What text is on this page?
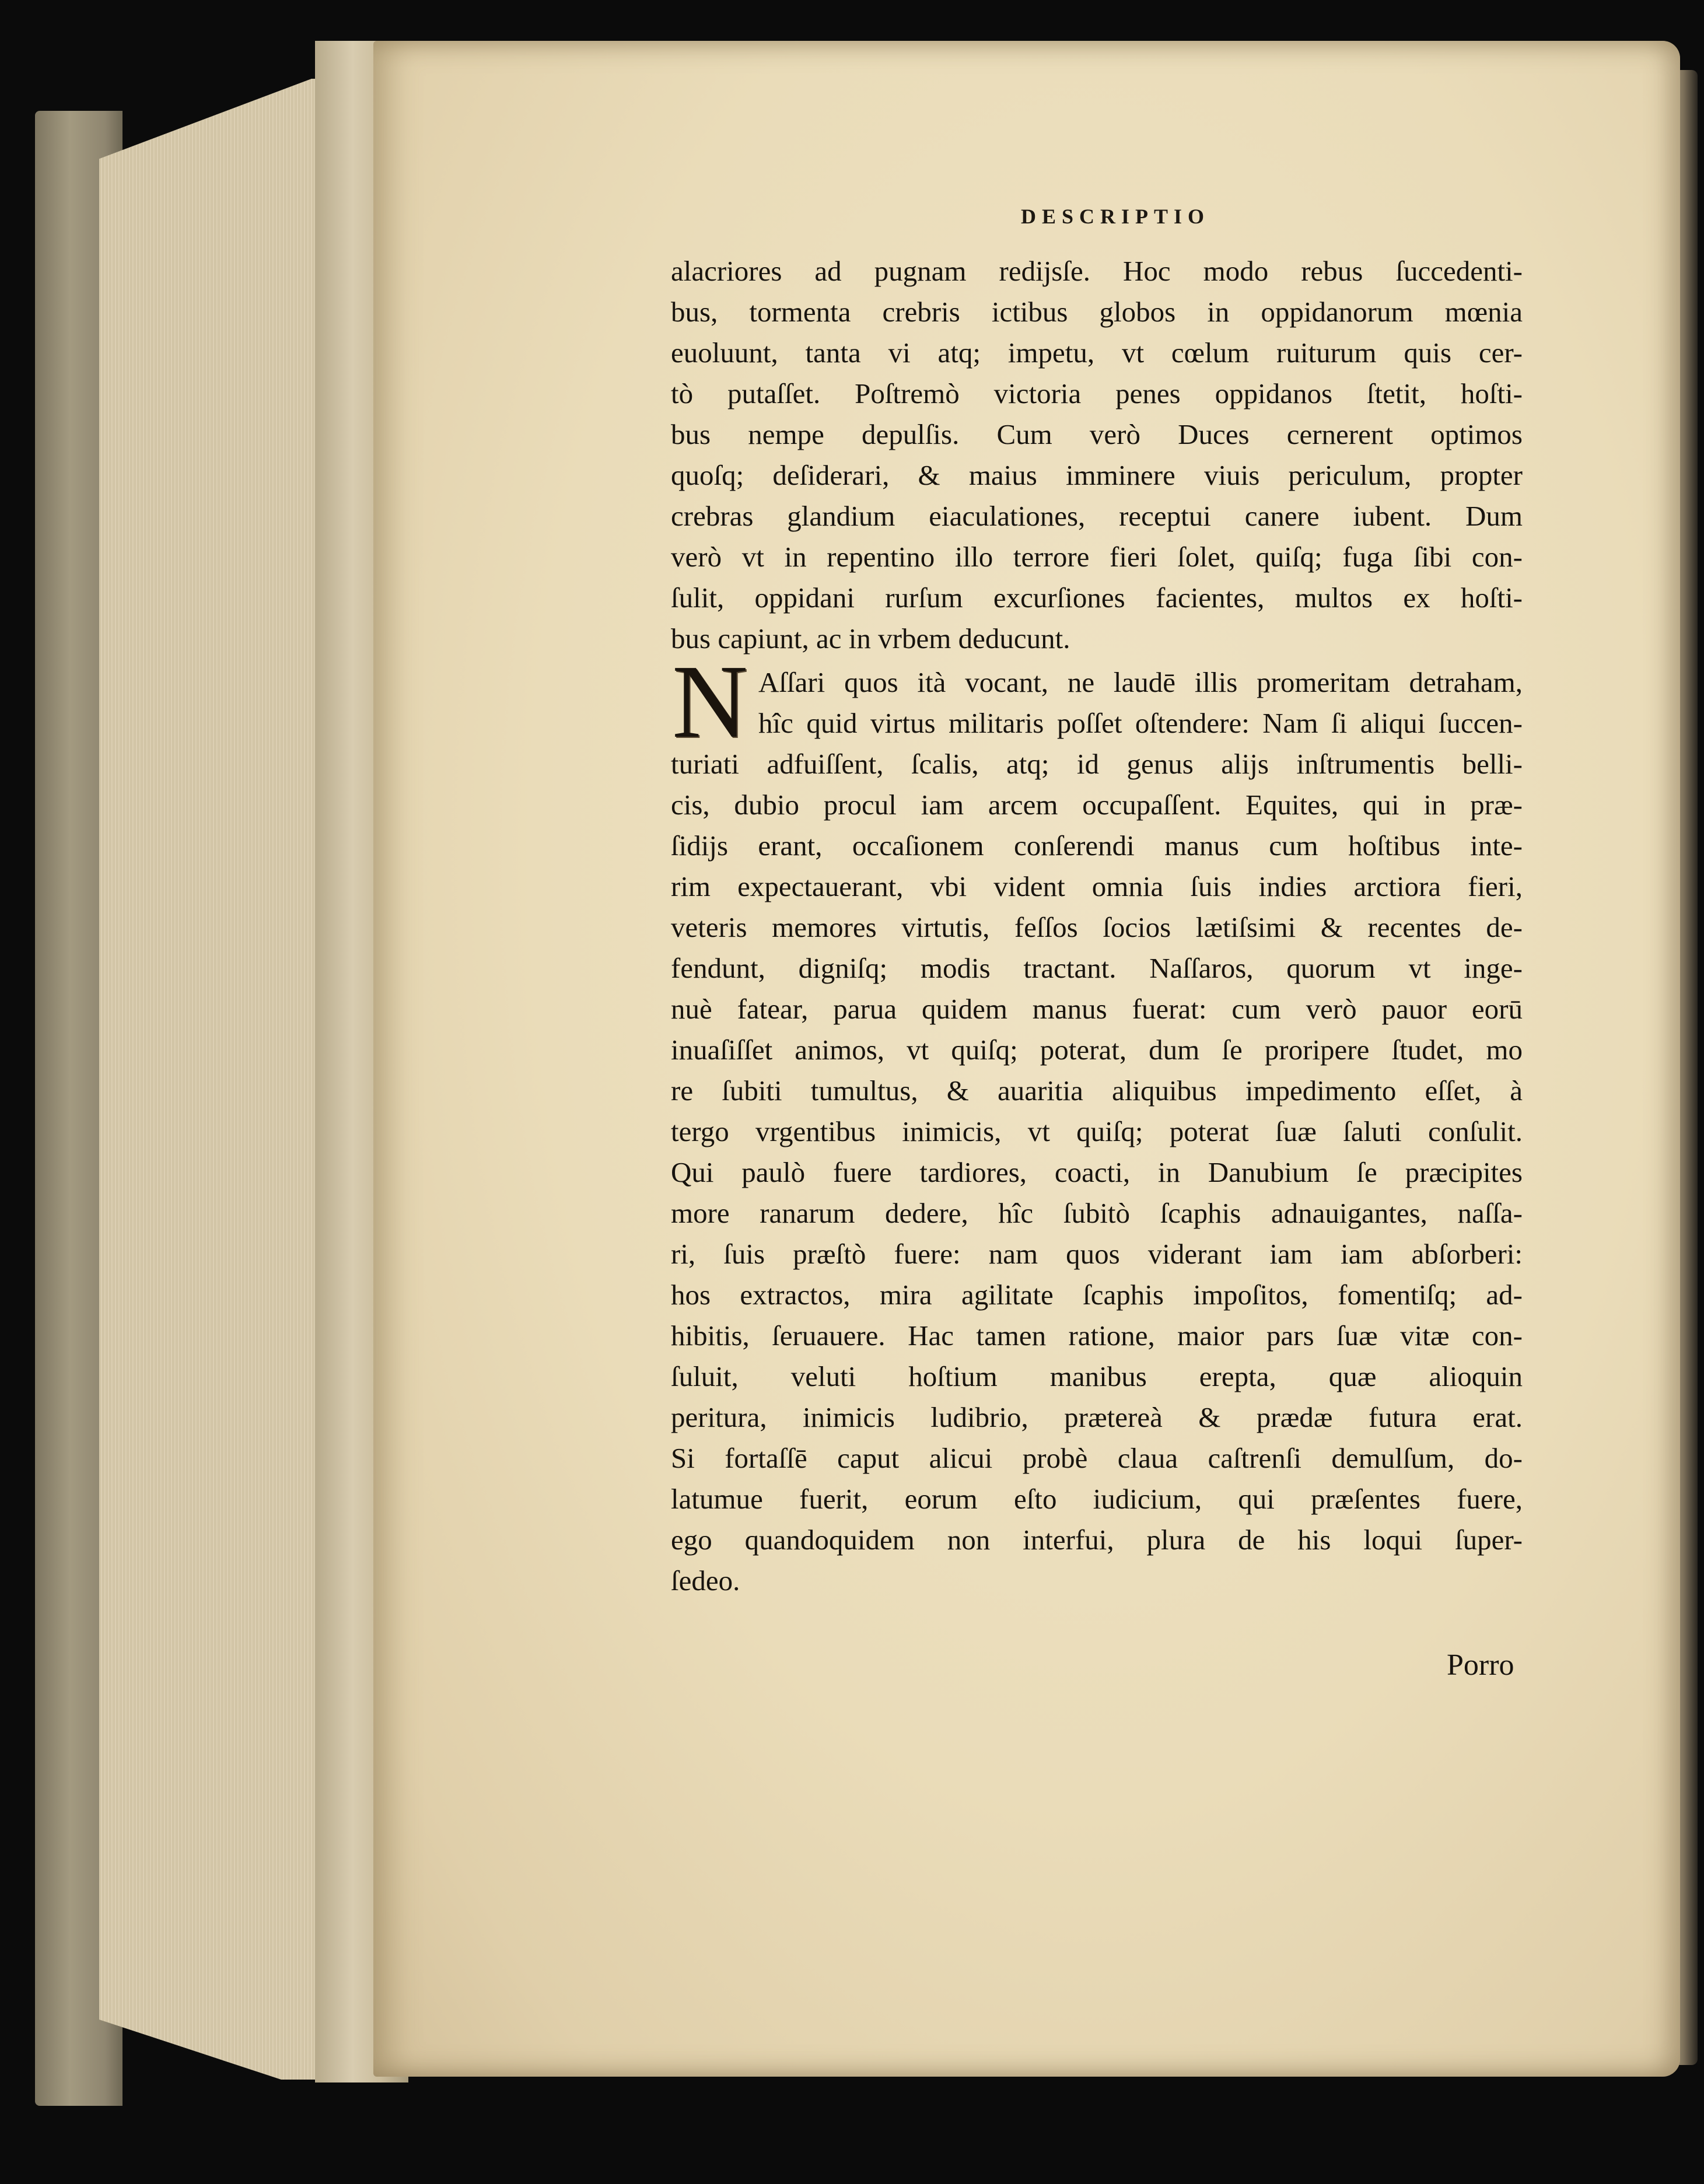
DESCRIPTIO
alacriores ad pugnam redijsſe. Hoc modo rebus ſuccedenti-
bus, tormenta crebris ictibus globos in oppidanorum mœnia
euoluunt, tanta vi atq; impetu, vt cœlum ruiturum quis cer-
tò putaſſet. Poſtremò victoria penes oppidanos ſtetit, hoſti-
bus nempe depulſis. Cum verò Duces cernerent optimos
quoſq; deſiderari, & maius imminere viuis periculum, propter
crebras glandium eiaculationes, receptui canere iubent. Dum
verò vt in repentino illo terrore fieri ſolet, quiſq; fuga ſibi con-
ſulit, oppidani rurſum excurſiones facientes, multos ex hoſti-
bus capiunt, ac in vrbem deducunt.
N Aſſari quos ità vocant, ne laudē illis promeritam detraham,
hîc quid virtus militaris poſſet oſtendere: Nam ſi aliqui ſuccen-
turiati adfuiſſent, ſcalis, atq; id genus alijs inſtrumentis belli-
cis, dubio procul iam arcem occupaſſent. Equites, qui in præ-
ſidijs erant, occaſionem conſerendi manus cum hoſtibus inte-
rim expectauerant, vbi vident omnia ſuis indies arctiora fieri,
veteris memores virtutis, feſſos ſocios lætiſsimi & recentes de-
fendunt, digniſq; modis tractant. Naſſaros, quorum vt inge-
nuè fatear, parua quidem manus fuerat: cum verò pauor eorū
inuaſiſſet animos, vt quiſq; poterat, dum ſe proripere ſtudet, mo
re ſubiti tumultus, & auaritia aliquibus impedimento eſſet, à
tergo vrgentibus inimicis, vt quiſq; poterat ſuæ ſaluti conſulit.
Qui paulò fuere tardiores, coacti, in Danubium ſe præcipites
more ranarum dedere, hîc ſubitò ſcaphis adnauigantes, naſſa-
ri, ſuis præſtò fuere: nam quos viderant iam iam abſorberi:
hos extractos, mira agilitate ſcaphis impoſitos, fomentiſq; ad-
hibitis, ſeruauere. Hac tamen ratione, maior pars ſuæ vitæ con-
ſuluit, veluti hoſtium manibus erepta, quæ alioquin
peritura, inimicis ludibrio, prætereà & prædæ futura erat.
Si fortaſſē caput alicui probè claua caſtrenſi demulſum, do-
latumue fuerit, eorum eſto iudicium, qui præſentes fuere,
ego quandoquidem non interfui, plura de his loqui ſuper-
ſedeo.
Porro
